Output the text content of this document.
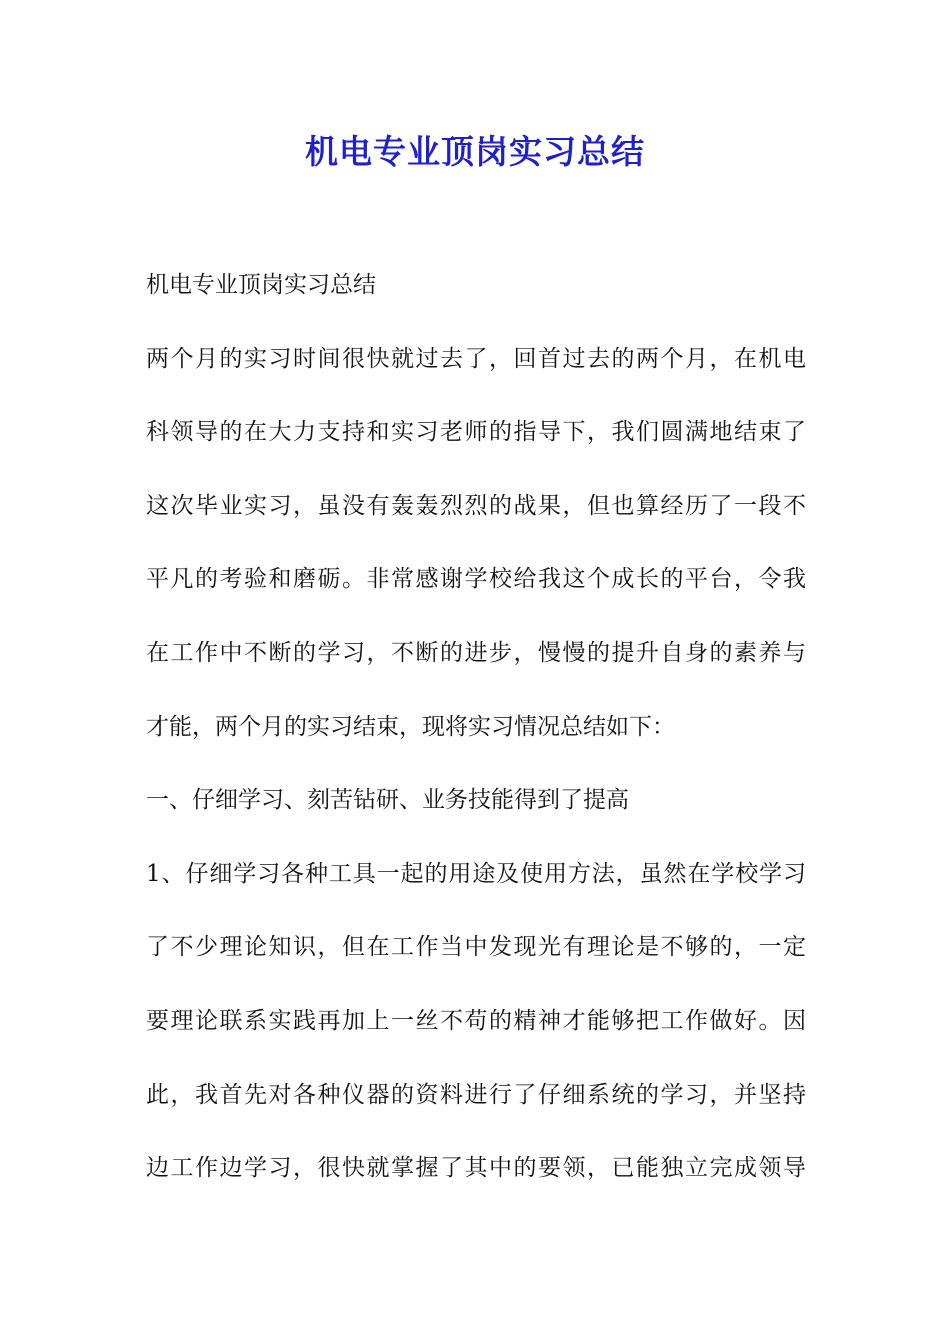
机电专业顶岗实习总结

机电专业顶岗实习总结

两个月的实习时间很快就过去了，回首过去的两个月，在机电

科领导的在大力支持和实习老师的指导下，我们圆满地结束了

这次毕业实习，虽没有轰轰烈烈的战果，但也算经历了一段不

平凡的考验和磨砺。非常感谢学校给我这个成长的平台，令我

在工作中不断的学习，不断的进步，慢慢的提升自身的素养与

才能，两个月的实习结束，现将实习情况总结如下：

一、仔细学习、刻苦钻研、业务技能得到了提高

1、仔细学习各种工具一起的用途及使用方法，虽然在学校学习

了不少理论知识，但在工作当中发现光有理论是不够的，一定

要理论联系实践再加上一丝不苟的精神才能够把工作做好。因

此，我首先对各种仪器的资料进行了仔细系统的学习，并坚持

边工作边学习，很快就掌握了其中的要领，已能独立完成领导
